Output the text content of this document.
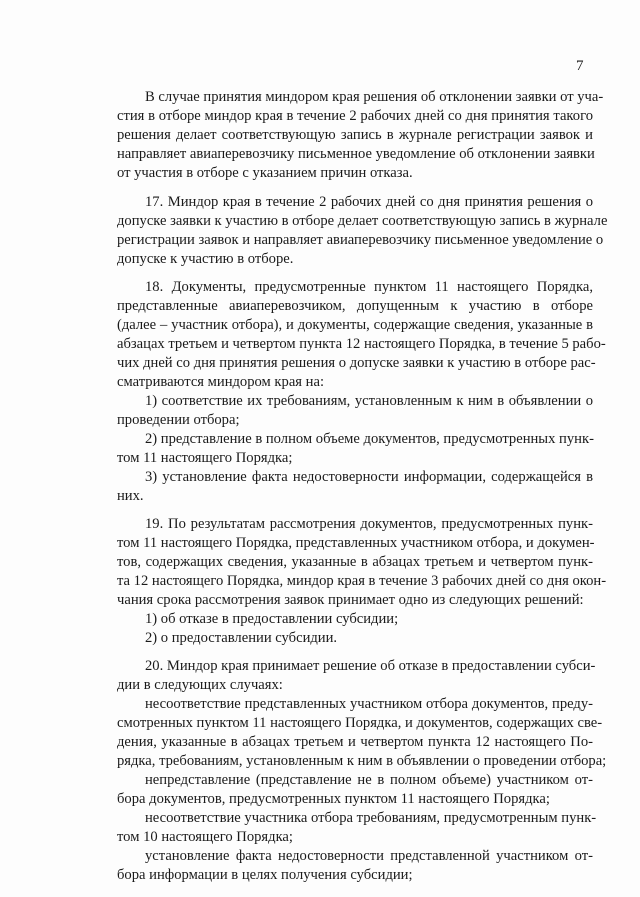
7
В случае принятия миндором края решения об отклонении заявки от уча-
стия в отборе миндор края в течение 2 рабочих дней со дня принятия такого
решения делает соответствующую запись в журнале регистрации заявок и
направляет авиаперевозчику письменное уведомление об отклонении заявки
от участия в отборе с указанием причин отказа.
17. Миндор края в течение 2 рабочих дней со дня принятия решения о
допуске заявки к участию в отборе делает соответствующую запись в журнале
регистрации заявок и направляет авиаперевозчику письменное уведомление о
допуске к участию в отборе.
18. Документы, предусмотренные пунктом 11 настоящего Порядка,
представленные авиаперевозчиком, допущенным к участию в отборе
(далее – участник отбора), и документы, содержащие сведения, указанные в
абзацах третьем и четвертом пункта 12 настоящего Порядка, в течение 5 рабо-
чих дней со дня принятия решения о допуске заявки к участию в отборе рас-
сматриваются миндором края на:
1) соответствие их требованиям, установленным к ним в объявлении о
проведении отбора;
2) представление в полном объеме документов, предусмотренных пунк-
том 11 настоящего Порядка;
3) установление факта недостоверности информации, содержащейся в
них.
19. По результатам рассмотрения документов, предусмотренных пунк-
том 11 настоящего Порядка, представленных участником отбора, и докумен-
тов, содержащих сведения, указанные в абзацах третьем и четвертом пунк-
та 12 настоящего Порядка, миндор края в течение 3 рабочих дней со дня окон-
чания срока рассмотрения заявок принимает одно из следующих решений:
1) об отказе в предоставлении субсидии;
2) о предоставлении субсидии.
20. Миндор края принимает решение об отказе в предоставлении субси-
дии в следующих случаях:
несоответствие представленных участником отбора документов, преду-
смотренных пунктом 11 настоящего Порядка, и документов, содержащих све-
дения, указанные в абзацах третьем и четвертом пункта 12 настоящего По-
рядка, требованиям, установленным к ним в объявлении о проведении отбора;
непредставление (представление не в полном объеме) участником от-
бора документов, предусмотренных пунктом 11 настоящего Порядка;
несоответствие участника отбора требованиям, предусмотренным пунк-
том 10 настоящего Порядка;
установление факта недостоверности представленной участником от-
бора информации в целях получения субсидии;
